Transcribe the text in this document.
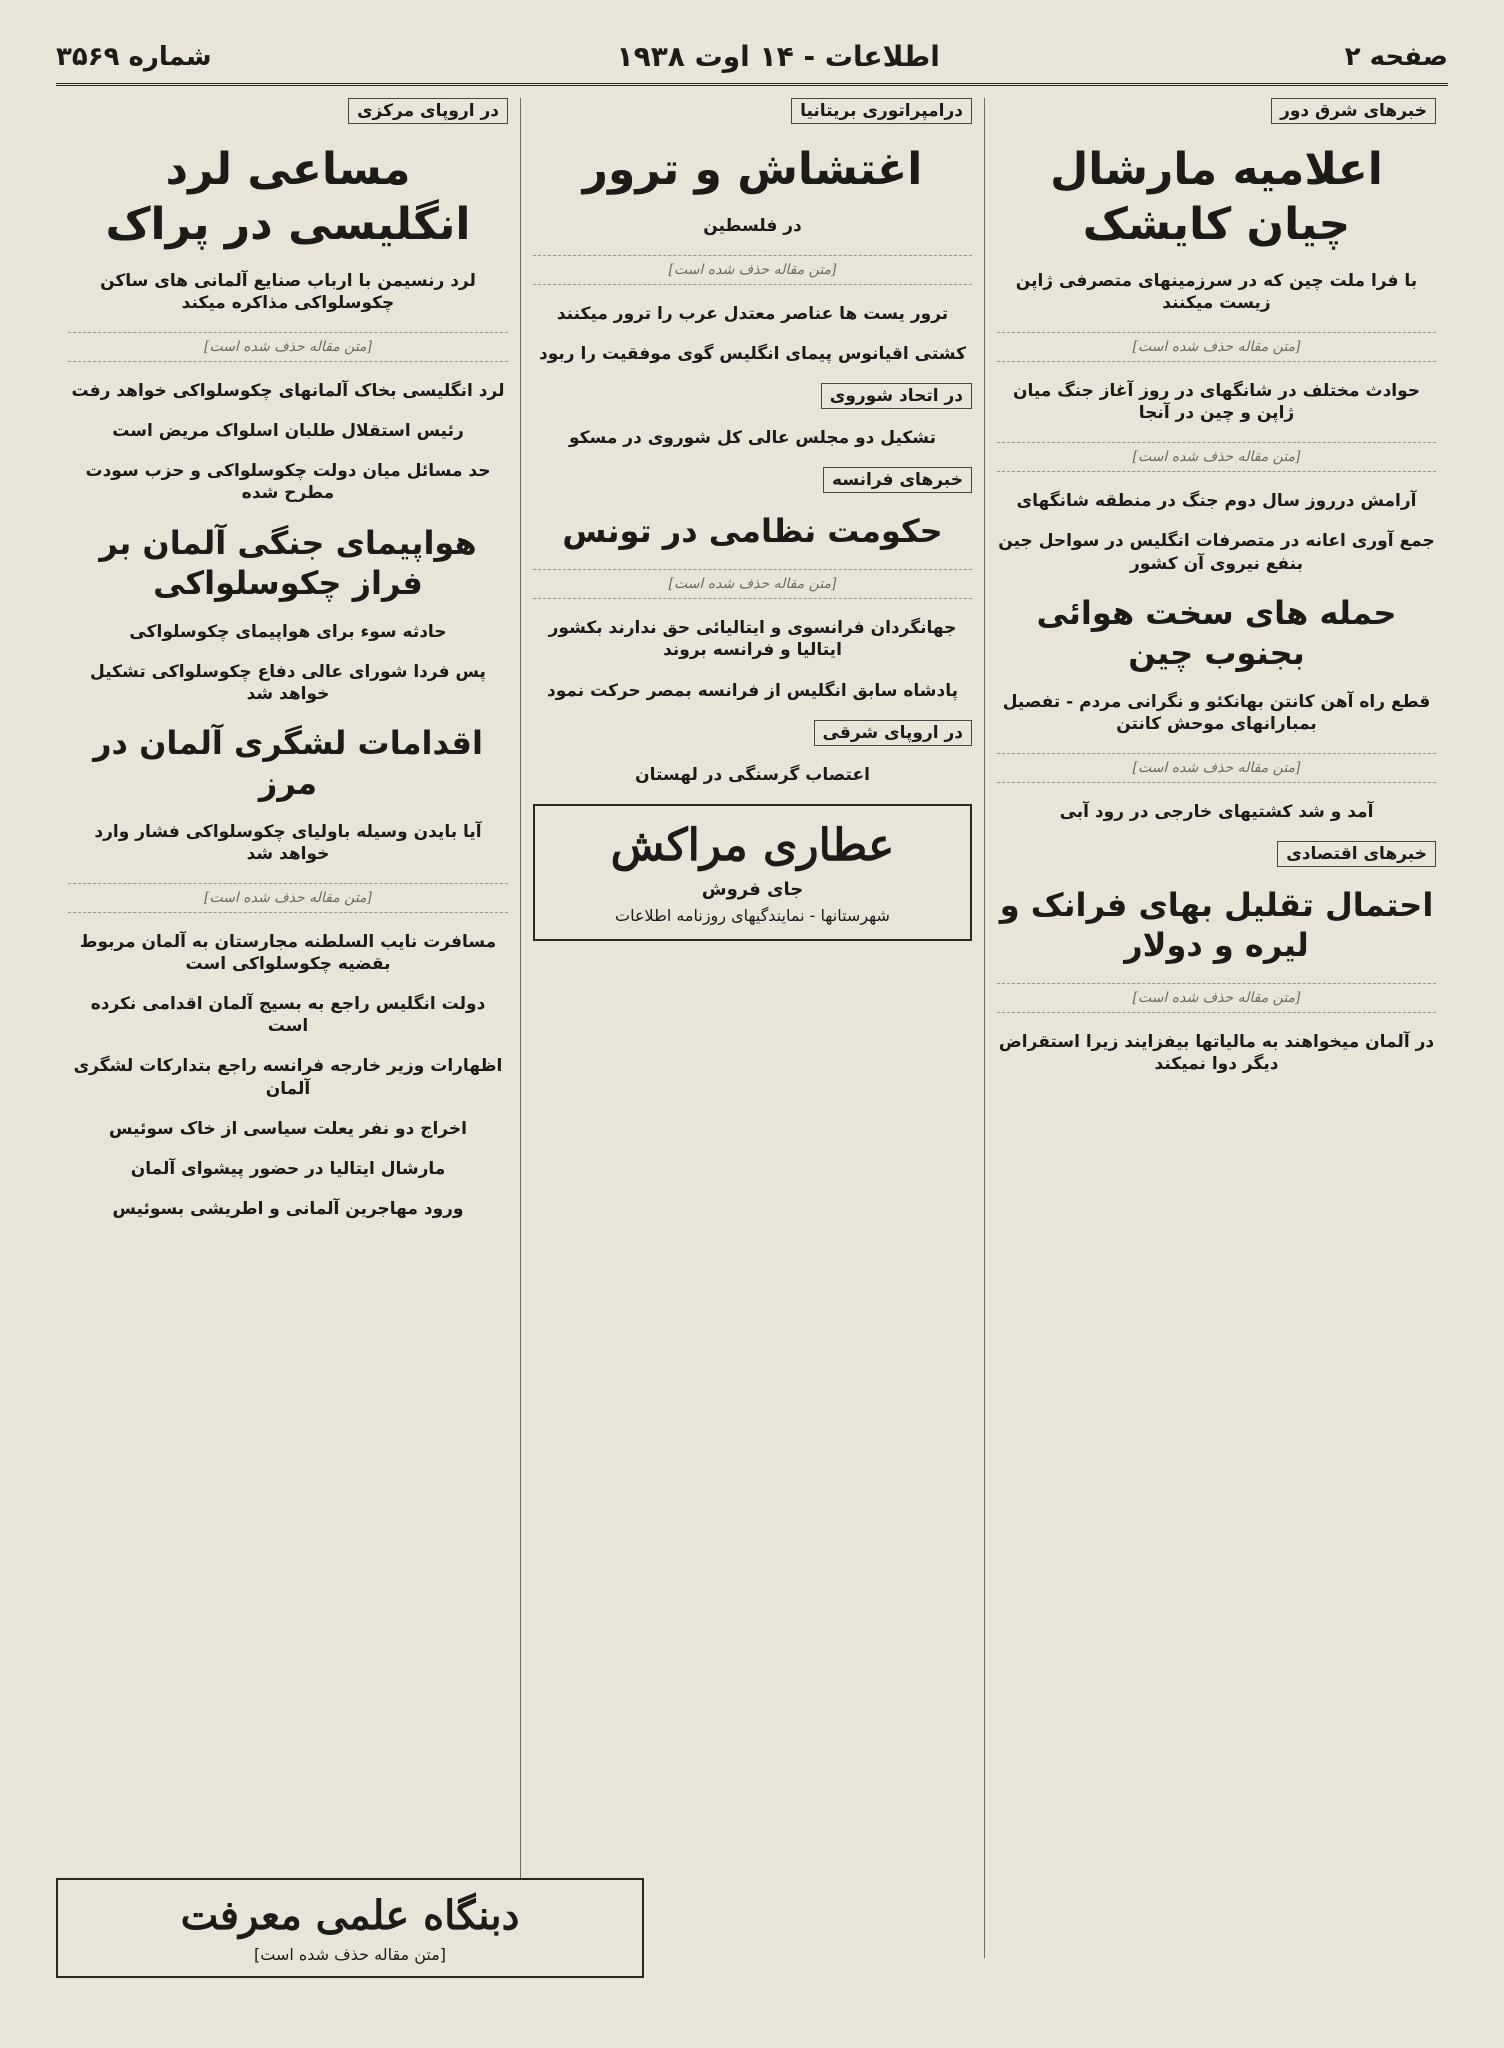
صفحه ۲
اطلاعات - ۱۴ اوت ۱۹۳۸
شماره ۳۵۶۹
خبرهای شرق دور
اعلامیه مارشال چیان کایشک
با فرا ملت چین که در سرزمینهای متصرفی ژاپن زیست میکنند
[متن مقاله حذف شده است]
حوادث مختلف در شانگهای در روز آغاز جنگ میان ژاپن و چین در آنجا
[متن مقاله حذف شده است]
آرامش درروز سال دوم جنگ در منطقه شانگهای
جمع آوری اعانه در متصرفات انگلیس در سواحل جین بنفع نیروی آن کشور
حمله های سخت هوائی بجنوب چین
قطع راه آهن کانتن بهانکئو و نگرانی مردم - تفصیل بمبارانهای موحش کانتن
[متن مقاله حذف شده است]
آمد و شد کشتیهای خارجی در رود آبی
خبرهای اقتصادی
احتمال تقلیل بهای فرانک و لیره و دولار
[متن مقاله حذف شده است]
در آلمان میخواهند به مالیاتها بیفزایند زیرا استقراض دیگر دوا نمیکند
درامپراتوری بریتانیا
اغتشاش و ترور
در فلسطین
[متن مقاله حذف شده است]
ترور یست ها عناصر معتدل عرب را ترور میکنند
کشتی اقیانوس پیمای انگلیس گوی موفقیت را ربود
در اتحاد شوروی
تشکیل دو مجلس عالی کل شوروی در مسکو
خبرهای فرانسه
حکومت نظامی در تونس
[متن مقاله حذف شده است]
جهانگردان فرانسوی و ایتالیائی حق ندارند بکشور ایتالیا و فرانسه بروند
پادشاه سابق انگلیس از فرانسه بمصر حرکت نمود
در اروپای شرقی
اعتصاب گرسنگی در لهستان
عطاری مراکش
جای فروش
شهرستانها - نمایندگیهای روزنامه اطلاعات
در اروپای مرکزی
مساعی لرد انگلیسی در پراک
لرد رنسیمن با ارباب صنایع آلمانی های ساکن چکوسلواکی مذاکره میکند
[متن مقاله حذف شده است]
لرد انگلیسی بخاک آلمانهای چکوسلواکی خواهد رفت
رئیس استقلال طلبان اسلواک مریض است
حد مسائل میان دولت چکوسلواکی و حزب سودت مطرح شده
هواپیمای جنگی آلمان بر فراز چکوسلواکی
حادثه سوء برای هواپیمای چکوسلواکی
پس فردا شورای عالی دفاع چکوسلواکی تشکیل خواهد شد
اقدامات لشگری آلمان در مرز
آیا بایدن وسیله باولیای چکوسلواکی فشار وارد خواهد شد
[متن مقاله حذف شده است]
مسافرت نایب السلطنه مجارستان به آلمان مربوط بقضیه چکوسلواکی است
دولت انگلیس راجع به بسیج آلمان اقدامی نکرده است
اظهارات وزیر خارجه فرانسه راجع بتدارکات لشگری آلمان
اخراج دو نفر یعلت سیاسی از خاک سوئیس
مارشال ایتالیا در حضور پیشوای آلمان
ورود مهاجرین آلمانی و اطریشی بسوئیس
دبنگاه علمی معرفت
[متن مقاله حذف شده است]
